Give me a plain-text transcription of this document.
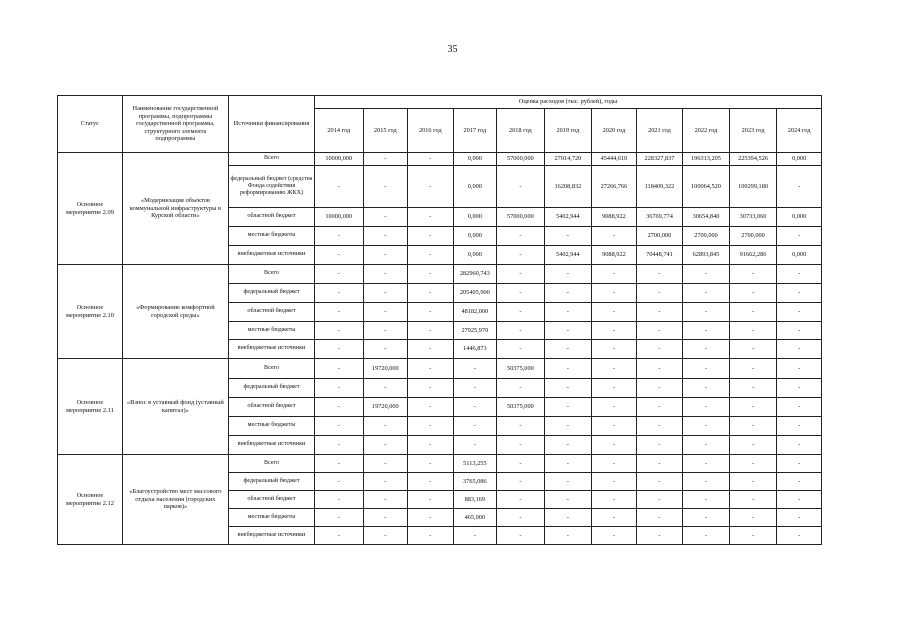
35
Статус	Наименование государственной программы, подпрограммы государственной программы, структурного элемента подпрограммы	Источники финансирования	Оценка расходов (тыс. рублей), годы										
			2014 год	2015 год	2016 год	2017 год	2018 год	2019 год	2020 год	2021 год	2022 год	2023 год	2024 год
Основное мероприятие 2.09	«Модернизация объектов коммунальной инфраструктуры в Курской области»	Всего	10000,000	-	-	0,000	57000,000	27014,720	45444,610	228327,837	196313,205	225394,526	0,000
		федеральный бюджет (средства Фонда содействия реформированию ЖКХ)	-	-	-	0,000	-	16208,832	27266,766	118409,322	100064,520	100299,180	-
		областной бюджет	10000,000	-	-	0,000	57000,000	5402,944	9088,922	36769,774	30654,840	30733,060	0,000
		местные бюджеты	-	-	-	0,000	-	-	-	2700,000	2700,000	2700,000	-
		внебюджетные источники	-	-	-	0,000	-	5402,944	9088,922	70448,741	62893,845	91662,286	0,000
Основное мероприятие 2.10	«Формирование комфортной городской среды»	Всего	-	-	-	282960,743	-	-	-	-	-	-	-
		федеральный бюджет	-	-	-	205405,900	-	-	-	-	-	-	-
		областной бюджет	-	-	-	48182,000	-	-	-	-	-	-	-
		местные бюджеты	-	-	-	27925,970	-	-	-	-	-	-	-
		внебюджетные источники	-	-	-	1446,873	-	-	-	-	-	-	-
Основное мероприятие 2.11	«Взнос в уставный фонд (уставный капитал)»	Всего	-	19720,000	-	-	50375,000	-	-	-	-	-	-
		федеральный бюджет	-	-	-	-	-	-	-	-	-	-	-
		областной бюджет	-	19720,000	-	-	50375,000	-	-	-	-	-	-
		местные бюджеты	-	-	-	-	-	-	-	-	-	-	-
		внебюджетные источники	-	-	-	-	-	-	-	-	-	-	-
Основное мероприятие 2.12	«Благоустройство мест массового отдыха населения (городских парков)»	Всего	-	-	-	5113,255	-	-	-	-	-	-	-
		федеральный бюджет	-	-	-	3765,086	-	-	-	-	-	-	-
		областной бюджет	-	-	-	883,169	-	-	-	-	-	-	-
		местные бюджеты	-	-	-	465,000	-	-	-	-	-	-	-
		внебюджетные источники	-	-	-	-	-	-	-	-	-	-	-
